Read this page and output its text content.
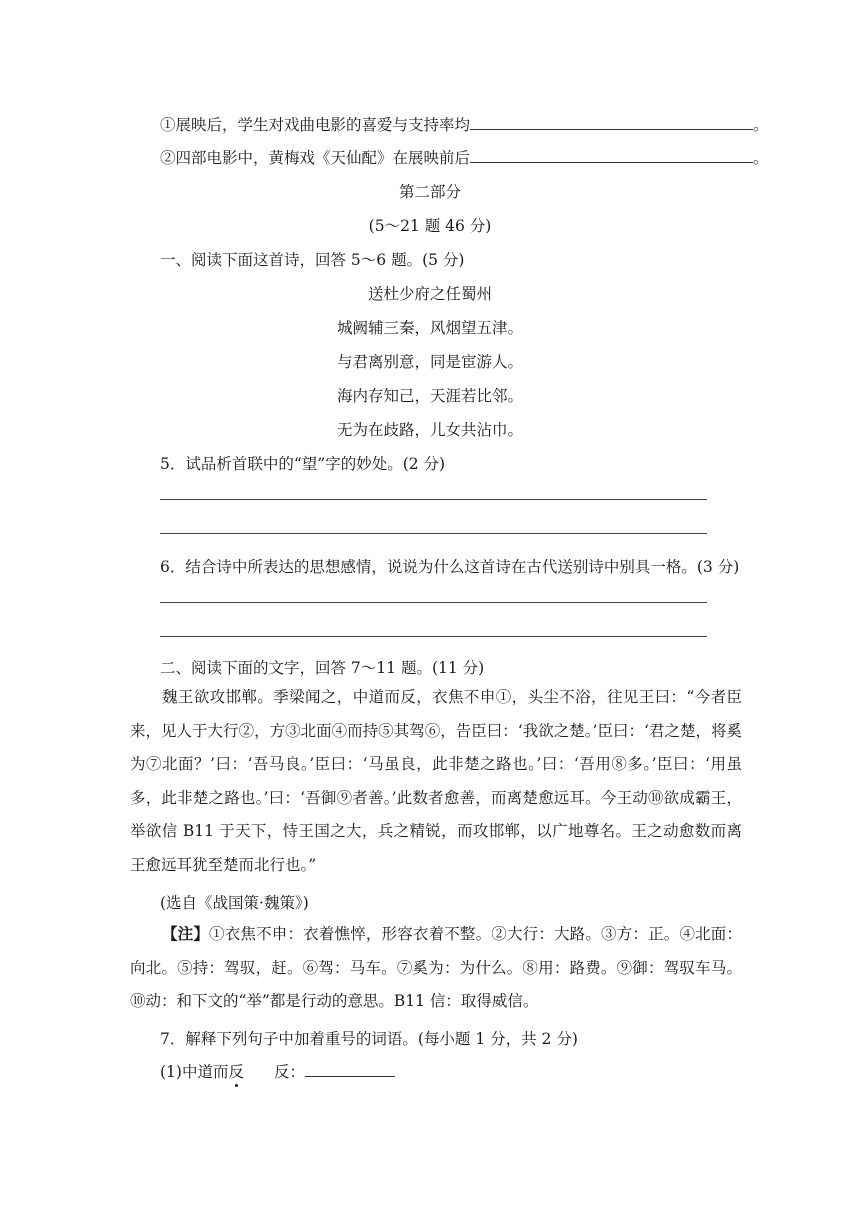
①展映后，学生对戏曲电影的喜爱与支持率均	。
②四部电影中，黄梅戏《天仙配》在展映前后	。
第二部分
(5～21 题 46 分)
一、阅读下面这首诗，回答 5～6 题。(5 分)
送杜少府之任蜀州
城阙辅三秦，风烟望五津。
与君离别意，同是宦游人。
海内存知己，天涯若比邻。
无为在歧路，儿女共沾巾。
5．试品析首联中的“望”字的妙处。(2 分)
6．结合诗中所表达的思想感情，说说为什么这首诗在古代送别诗中别具一格。(3 分)
二、阅读下面的文字，回答 7～11 题。(11 分)
魏王欲攻邯郸。季梁闻之，中道而反，衣焦不申①，头尘不浴，往见王曰：“今者臣来，见人于大行②，方③北面④而持⑤其驾⑥，告臣曰：‘我欲之楚。’臣曰：‘君之楚，将奚为⑦北面？’曰：‘吾马良。’臣曰：‘马虽良，此非楚之路也。’曰：‘吾用⑧多。’臣曰：‘用虽多，此非楚之路也。’曰：‘吾御⑨者善。’此数者愈善，而离楚愈远耳。今王动⑩欲成霸王，举欲信 B11 于天下，恃王国之大，兵之精锐，而攻邯郸，以广地尊名。王之动愈数而离王愈远耳犹至楚而北行也。”
(选自《战国策·魏策》)
【注】①衣焦不申：衣着憔悴，形容衣着不整。②大行：大路。③方：正。④北面：向北。⑤持：驾驭，赶。⑥驾：马车。⑦奚为：为什么。⑧用：路费。⑨御：驾驭车马。⑩动：和下文的“举”都是行动的意思。B11 信：取得威信。
7．解释下列句子中加着重号的词语。(每小题 1 分，共 2 分)
(1)中道而反 反：
